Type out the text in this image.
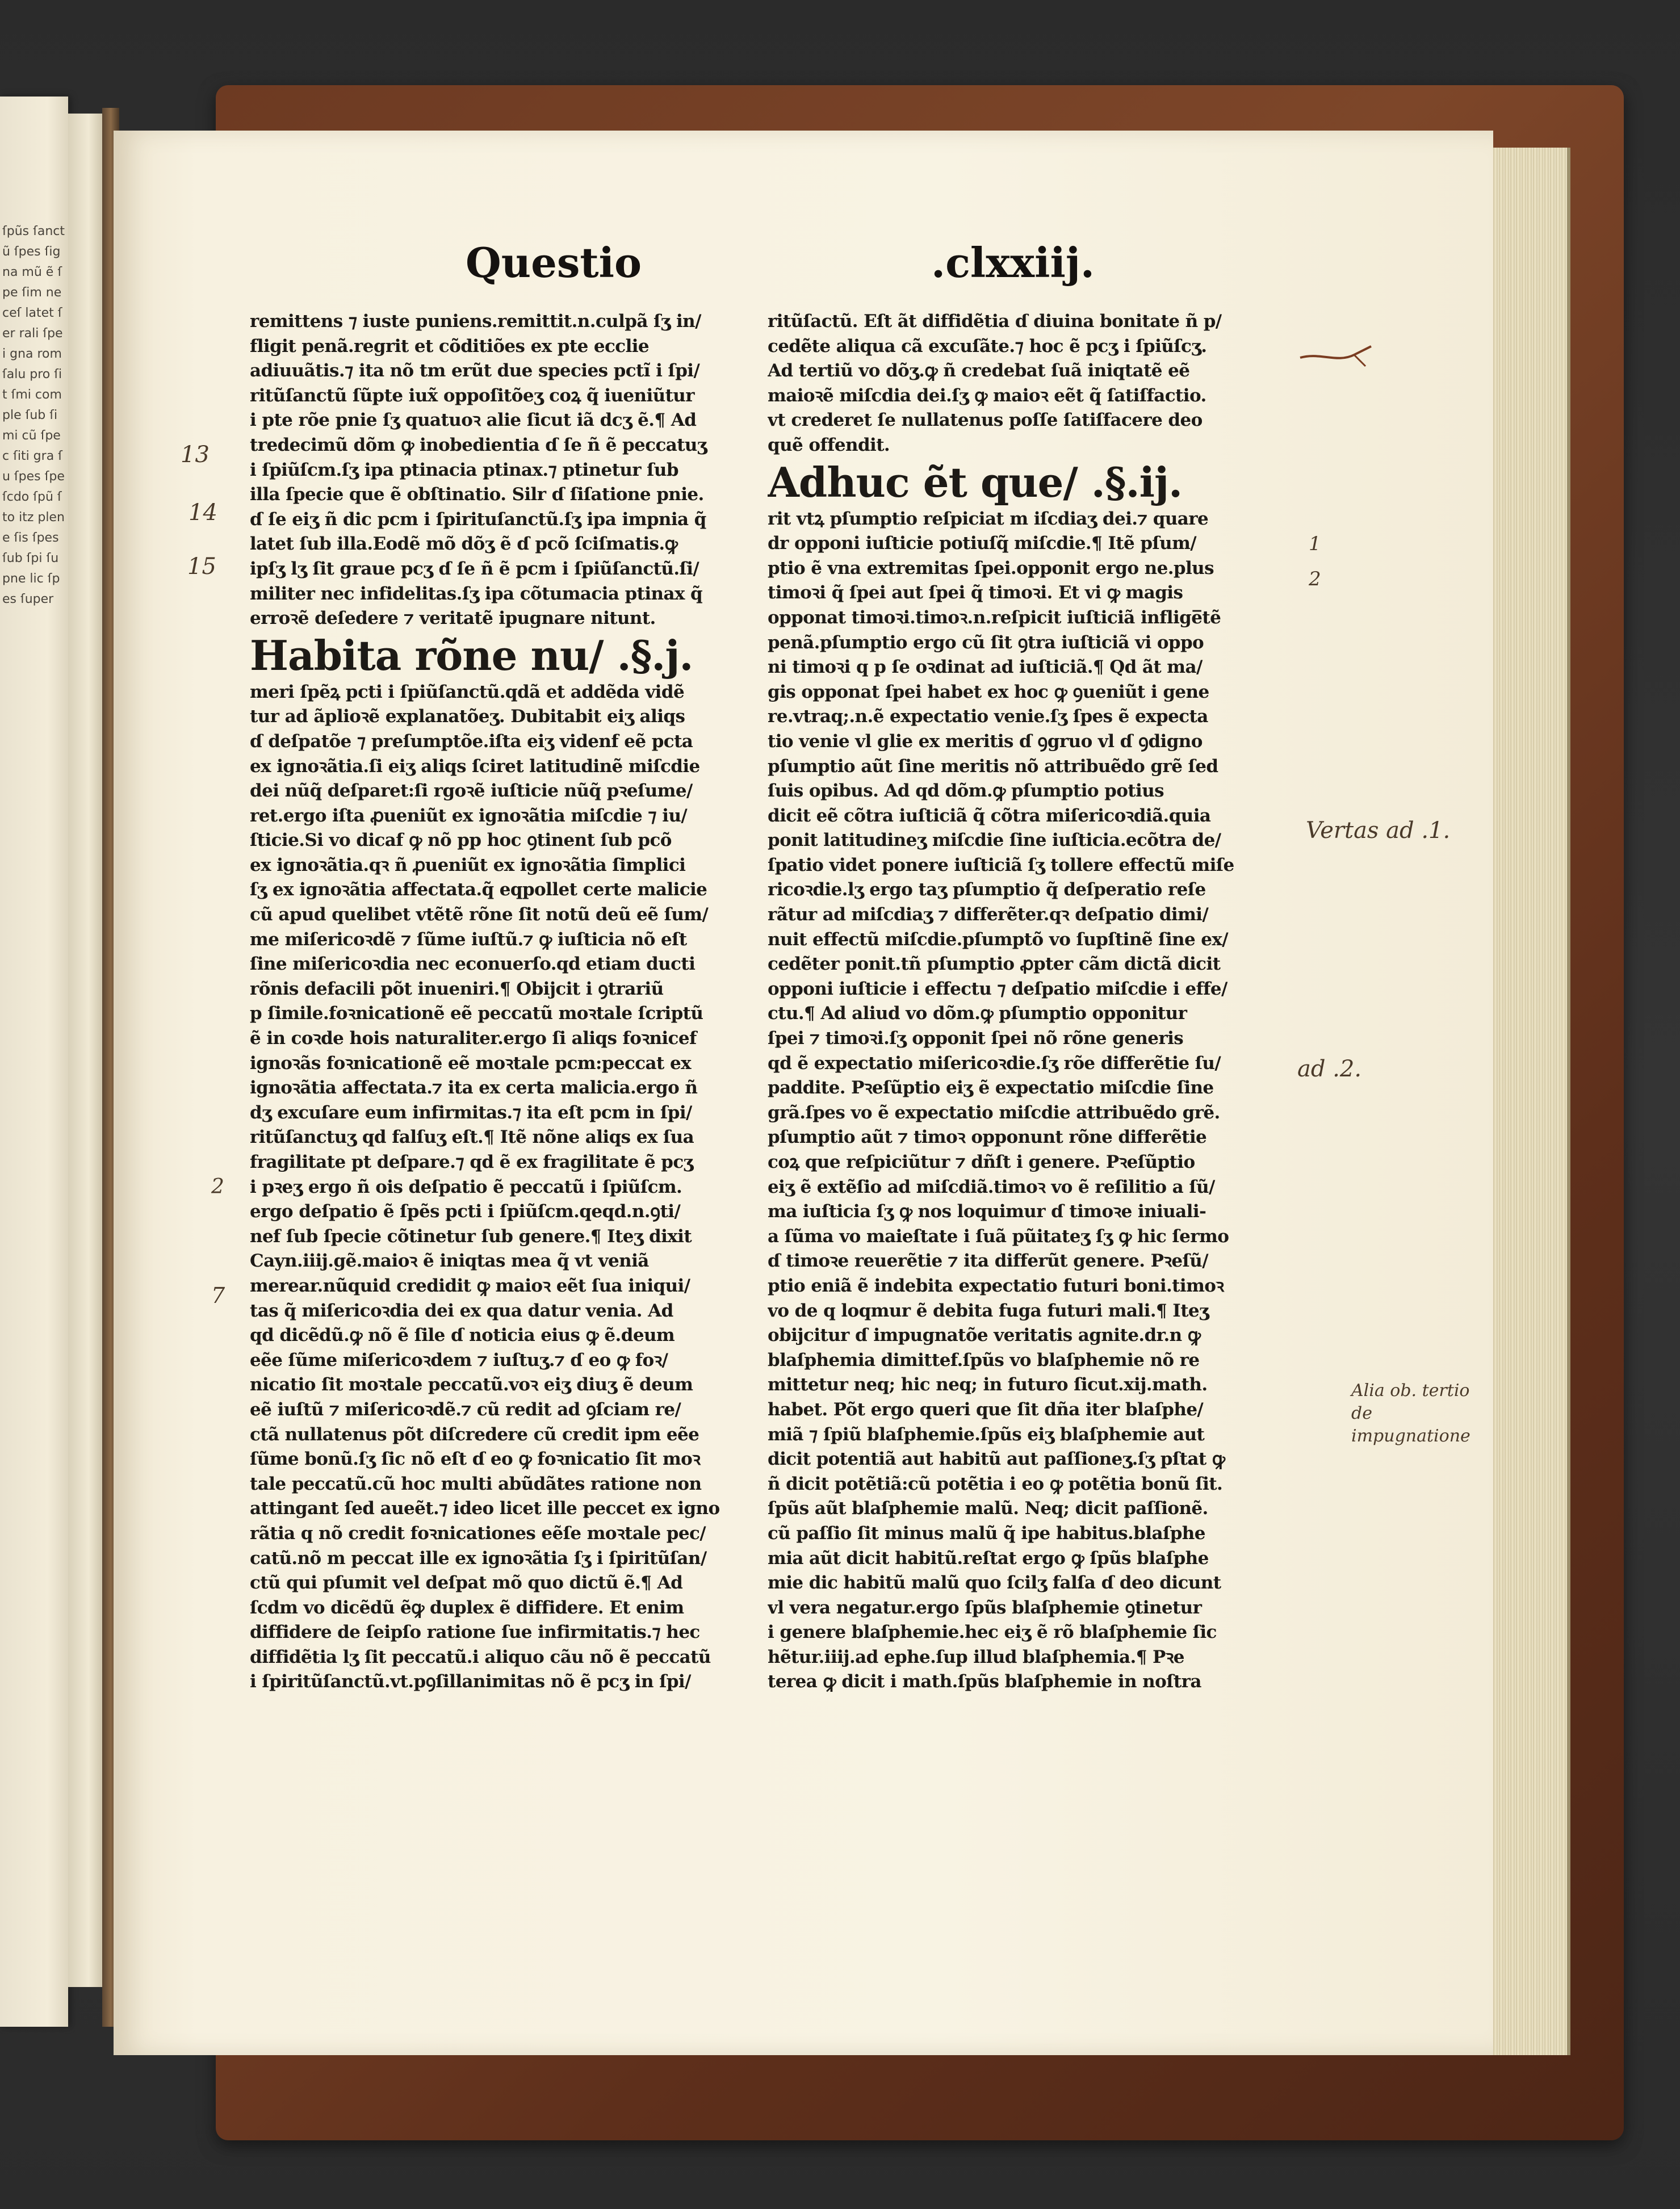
ſpũs ſanctũ ſpes ſigna mũ ẽ ſpe ſim neceſ latet ſer rali ſpei gna rom ſalu pro ſit ſmi comple ſub ſimi cũ ſpec ſiti gra ſu ſpes ſpe ſcdo ſpũ ſto itz plene ſis ſpes ſub ſpi ſu pne lic ſpes ſuper
Questio	.clxxiij.
remittens ⁊ iuste puniens.remittit.n.culpã ſʒ in/
fligit penã.regrit et cõditiões ex pte ecclie
adiuuãtis.⁊ ita nõ tm erũt due species pctĩ i ſpi/
ritũſanctũ ſũpte iux̃ oppoſitõeʒ coꝝ q̃ iueniũtur
i pte rõe pnie ſʒ quatuoꝛ alie ſicut iã dcʒ ẽ.¶ Ad
tredecimũ dõm ꝙ inobedientia ɗ ſe ñ ẽ peccatuʒ
i ſpiũſcm.ſʒ ipa ptinacia ptinax.⁊ ptinetur ſub
illa ſpecie que ẽ obſtinatio. Silr ɗ ſiſatione pnie.
ɗ ſe eiʒ ñ dic pcm i ſpirituſanctũ.ſʒ ipa impnia q̃
latet ſub illa.Eodẽ mõ dõʒ ẽ ɗ pcõ ſciſmatis.ꝙ
ipſʒ lʒ ſit graue pcʒ ɗ ſe ñ ẽ pcm i ſpiũſanctũ.ſi/
militer nec infidelitas.ſʒ ipa cõtumacia ptinax q̃
erroꝛẽ deſedere ⁊ veritatẽ ipugnare nitunt.
Habita rõne nu/ .§.j.
meri ſpẽꝝ pcti i ſpiũſanctũ.qdã et addẽda vidẽ
tur ad ãplioꝛẽ explanatõeʒ. Dubitabit eiʒ aliqs
ɗ deſpatõe ⁊ preſumptõe.iſta eiʒ videnf eẽ pcta
ex ignoꝛãtia.ſi eiʒ aliqs ſciret latitudinẽ miſcdie
dei nũq̃ deſparet:ſi rgoꝛẽ iuſticie nũq̃ pꝛeſume/
ret.ergo iſta ꝓueniũt ex ignoꝛãtia miſcdie ⁊ iu/
ſticie.Si vo dicaf ꝙ nõ pp hoc ꝯtinent ſub pcõ
ex ignoꝛãtia.qꝛ ñ ꝓueniũt ex ignoꝛãtia ſimplici
ſʒ ex ignoꝛãtia affectata.q̃ eqpollet certe malicie
cũ apud quelibet vtẽtẽ rõne ſit notũ deũ eẽ ſum/
me miſericoꝛdẽ ⁊ ſũme iuſtũ.⁊ ꝙ iuſticia nõ eſt
ſine miſericoꝛdia nec econuerſo.qd etiam ducti
rõnis defacili põt inueniri.¶ Obijcit i ꝯtrariũ
p ſimile.foꝛnicationẽ eẽ peccatũ moꝛtale ſcriptũ
ẽ in coꝛde hois naturaliter.ergo ſi aliqs foꝛnicef
ignoꝛãs foꝛnicationẽ eẽ moꝛtale pcm:peccat ex
ignoꝛãtia affectata.⁊ ita ex certa malicia.ergo ñ
dʒ excuſare eum infirmitas.⁊ ita eſt pcm in ſpi/
ritũſanctuʒ qd falſuʒ eſt.¶ Itẽ nõne aliqs ex ſua
fragilitate pt deſpare.⁊ qd ẽ ex fragilitate ẽ pcʒ
i pꝛeʒ ergo ñ ois deſpatio ẽ peccatũ i ſpiũſcm.
ergo deſpatio ẽ ſpẽs pcti i ſpiũſcm.qeqd.n.ꝯti/
nef ſub ſpecie cõtinetur ſub genere.¶ Iteʒ dixit
Cayn.iiij.gẽ.maioꝛ ẽ iniqtas mea q̃ vt veniã
merear.nũquid credidit ꝙ maioꝛ eẽt ſua iniqui/
tas q̃ miſericoꝛdia dei ex qua datur venia. Ad
qd dicẽdũ.ꝙ nõ ẽ ſile ɗ noticia eius ꝙ ẽ.deum
eẽe ſũme miſericoꝛdem ⁊ iuſtuʒ.⁊ ɗ eo ꝙ foꝛ/
nicatio ſit moꝛtale peccatũ.voꝛ eiʒ diuʒ ẽ deum
eẽ iuſtũ ⁊ miſericoꝛdẽ.⁊ cũ redit ad ꝯſciam re/
ctã nullatenus põt diſcredere cũ credit ipm eẽe
ſũme bonũ.ſʒ ſic nõ eſt ɗ eo ꝙ foꝛnicatio ſit moꝛ
tale peccatũ.cũ hoc multi abũdãtes ratione non
attingant ſed aueẽt.⁊ ideo licet ille peccet ex igno
rãtia q nõ credit foꝛnicationes eẽſe moꝛtale pec/
catũ.nõ m peccat ille ex ignoꝛãtia ſʒ i ſpiritũſan/
ctũ qui pſumit vel deſpat mõ quo dictũ ẽ.¶ Ad
ſcdm vo dicẽdũ ẽꝙ duplex ẽ diffidere. Et enim
diffidere de ſeipſo ratione ſue infirmitatis.⁊ hec
diffidẽtia lʒ ſit peccatũ.i aliquo cãu nõ ẽ peccatũ
i ſpiritũſanctũ.vt.pꝯſillanimitas nõ ẽ pcʒ in ſpi/
ritũſactũ. Eſt ãt diffidẽtia ɗ diuina bonitate ñ p/
cedẽte aliqua cã excuſãte.⁊ hoc ẽ pcʒ i ſpiũſcʒ.
Ad tertiũ vo dõʒ.ꝙ ñ credebat ſuã iniqtatẽ eẽ
maioꝛẽ miſcdia dei.ſʒ ꝙ maioꝛ eẽt q̃ ſatiſfactio.
vt crederet ſe nullatenus poſſe ſatiſfacere deo
quẽ offendit.
Adhuc ẽt que/ .§.ij.
rit vtꝝ pſumptio reſpiciat m iſcdiaʒ dei.⁊ quare
dr opponi iuſticie potiuſq̃ miſcdie.¶ Itẽ pſum/
ptio ẽ vna extremitas ſpei.opponit ergo ne.plus
timoꝛi q̃ ſpei aut ſpei q̃ timoꝛi. Et vi ꝙ magis
opponat timoꝛi.timoꝛ.n.reſpicit iuſticiã inflige̅tẽ
penã.pſumptio ergo cũ ſit ꝯtra iuſticiã vi oppo
ni timoꝛi q p ſe oꝛdinat ad iuſticiã.¶ Qd ãt ma/
gis opponat ſpei habet ex hoc ꝙ ꝯueniũt i gene
re.vtraq;.n.ẽ expectatio venie.ſʒ ſpes ẽ expecta
tio venie vl glie ex meritis ɗ ꝯgruo vl ɗ ꝯdigno
pſumptio aũt ſine meritis nõ attribuẽdo grẽ ſed
ſuis opibus. Ad qd dõm.ꝙ pſumptio potius
dicit eẽ cõtra iuſticiã q̃ cõtra miſericoꝛdiã.quia
ponit latitudineʒ miſcdie ſine iuſticia.ecõtra de/
ſpatio videt ponere iuſticiã ſʒ tollere effectũ miſe
ricoꝛdie.lʒ ergo taʒ pſumptio q̃ deſperatio reſe
rãtur ad miſcdiaʒ ⁊ differẽter.qꝛ deſpatio dimi/
nuit effectũ miſcdie.pſumptõ vo ſupſtinẽ ſine ex/
cedẽter ponit.tñ pſumptio ꝓpter cãm dictã dicit
opponi iuſticie i effectu ⁊ deſpatio miſcdie i effe/
ctu.¶ Ad aliud vo dõm.ꝙ pſumptio opponitur
ſpei ⁊ timoꝛi.ſʒ opponit ſpei nõ rõne generis
qd ẽ expectatio miſericoꝛdie.ſʒ rõe differẽtie ſu/
paddite. Pꝛeſũptio eiʒ ẽ expectatio miſcdie ſine
grã.ſpes vo ẽ expectatio miſcdie attribuẽdo grẽ.
pſumptio aũt ⁊ timoꝛ opponunt rõne differẽtie
coꝝ que reſpiciũtur ⁊ dñſt i genere. Pꝛeſũptio
eiʒ ẽ extẽſio ad miſcdiã.timoꝛ vo ẽ reſilitio a ſũ/
ma iuſticia ſʒ ꝙ nos loquimur ɗ timoꝛe iniuali-
a ſũma vo maieſtate i ſuã pũitateʒ ſʒ ꝙ hic ſermo
ɗ timoꝛe reuerẽtie ⁊ ita differũt genere. Pꝛeſũ/
ptio eniã ẽ indebita expectatio futuri boni.timoꝛ
vo de q loqmur ẽ debita fuga futuri mali.¶ Iteʒ
obijcitur ɗ impugnatõe veritatis agnite.dr.n ꝙ
blaſphemia dimittef.ſpũs vo blaſphemie nõ re
mittetur neq; hic neq; in futuro ſicut.xij.math.
habet. Põt ergo queri que ſit dña iter blaſphe/
miã ⁊ ſpiũ blaſphemie.ſpũs eiʒ blaſphemie aut
dicit potentiã aut habitũ aut paſſioneʒ.ſʒ pſtat ꝙ
ñ dicit potẽtiã:cũ potẽtia i eo ꝙ potẽtia bonũ ſit.
ſpũs aũt blaſphemie malũ. Neq; dicit paſſionẽ.
cũ paſſio ſit minus malũ q̃ ipe habitus.blaſphe
mia aũt dicit habitũ.reſtat ergo ꝙ ſpũs blaſphe
mie dic habitũ malũ quo ſcilʒ falſa ɗ deo dicunt
vl vera negatur.ergo ſpũs blaſphemie ꝯtinetur
i genere blaſphemie.hec eiʒ ẽ rõ blaſphemie ſic
hẽtur.iiij.ad ephe.ſup illud blaſphemia.¶ Pꝛe
terea ꝙ dicit i math.ſpũs blaſphemie in noſtra
13
14
15
2
7
1
2
Vertas ad .1.
ad .2.
Alia ob. tertio de impugnatione
